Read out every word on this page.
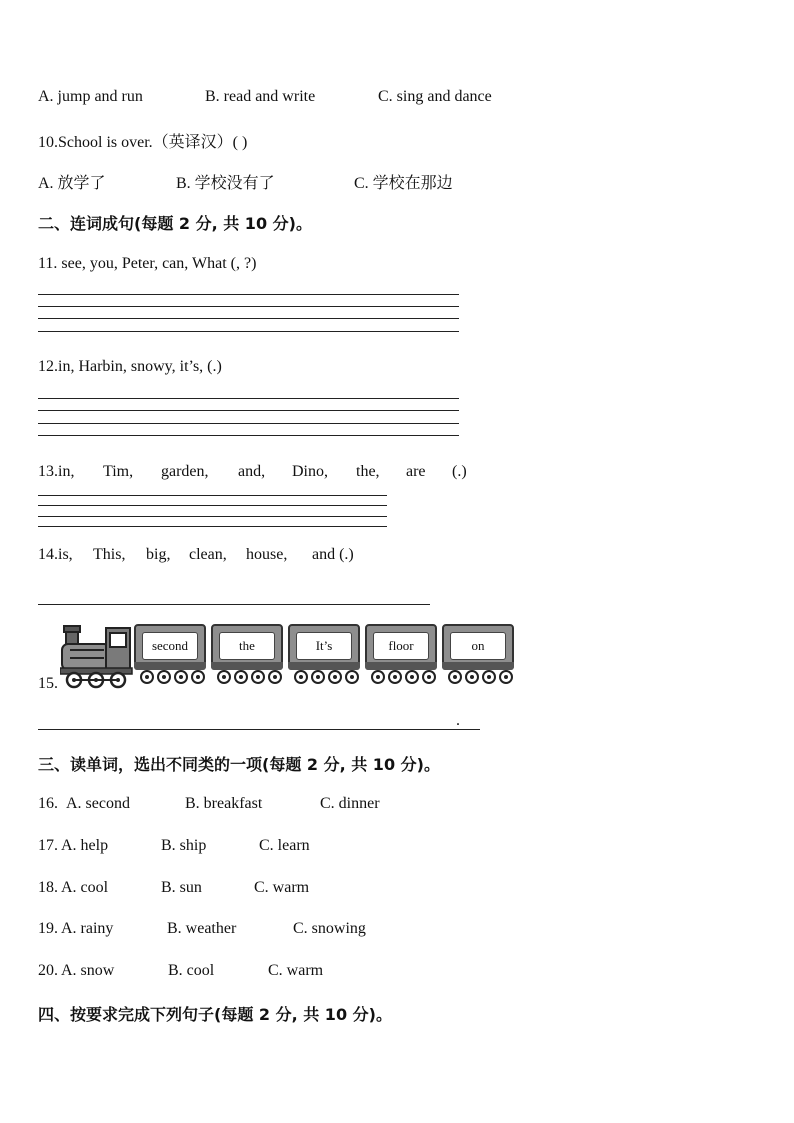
A. jump and run	B. read and write	C. sing and dance
10.School is over.（英译汉）( )
A. 放学了	B. 学校没有了	C. 学校在那边
二、连词成句(每题 2 分, 共 10 分)。
11. see, you, Peter, can, What (, ?)
12.in, Harbin, snowy, it’s, (.)
13.in, Tim, garden, and, Dino, the, are (.)
14.is, This, big, clean, house, and (.)
15.
second	the	It’s	floor	on
.
三、读单词，选出不同类的一项(每题 2 分, 共 10 分)。
16. A. second	B. breakfast	C. dinner
17. A. help	B. ship	C. learn
18. A. cool	B. sun	C. warm
19. A. rainy	B. weather	C. snowing
20. A. snow	B. cool	C. warm
四、按要求完成下列句子(每题 2 分, 共 10 分)。
